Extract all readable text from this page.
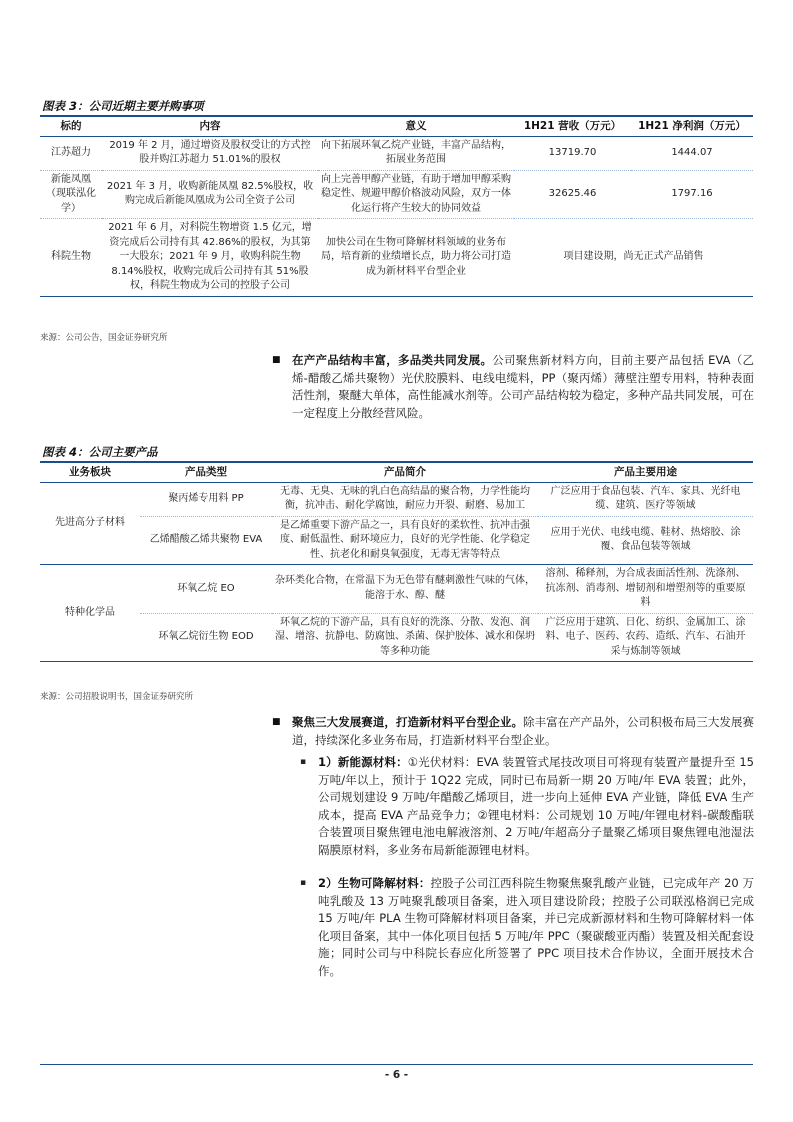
图表 3：公司近期主要并购事项
标的	内容	意义	1H21 营收（万元）	1H21 净利润（万元）
江苏超力	2019 年 2 月，通过增资及股权受让的方式控股并购江苏超力 51.01%的股权	向下拓展环氧乙烷产业链，丰富产品结构，拓展业务范围	13719.70	1444.07
新能凤凰（现联泓化学）	2021 年 3 月，收购新能凤凰 82.5%股权，收购完成后新能凤凰成为公司全资子公司	向上完善甲醇产业链，有助于增加甲醇采购稳定性、规避甲醇价格波动风险，双方一体化运行将产生较大的协同效益	32625.46	1797.16
科院生物	2021 年 6 月，对科院生物增资 1.5 亿元，增资完成后公司持有其 42.86%的股权，为其第一大股东；2021 年 9 月，收购科院生物 8.14%股权，收购完成后公司持有其 51%股权，科院生物成为公司的控股子公司	加快公司在生物可降解材料领域的业务布局，培育新的业绩增长点，助力将公司打造成为新材料平台型企业	项目建设期，尚无正式产品销售	
来源：公司公告，国金证券研究所
■ 在产产品结构丰富，多品类共同发展。公司聚焦新材料方向，目前主要产品包括 EVA（乙烯-醋酸乙烯共聚物）光伏胶膜料、电线电缆料，PP（聚丙烯）薄壁注塑专用料，特种表面活性剂，聚醚大单体，高性能减水剂等。公司产品结构较为稳定，多种产品共同发展，可在一定程度上分散经营风险。
图表 4：公司主要产品
业务板块	产品类型	产品简介	产品主要用途
先进高分子材料	聚丙烯专用料 PP	无毒、无臭、无味的乳白色高结晶的聚合物，力学性能均衡，抗冲击、耐化学腐蚀，耐应力开裂、耐磨、易加工	广泛应用于食品包装、汽车、家具、光纤电缆、建筑、医疗等领域
	乙烯醋酸乙烯共聚物 EVA	是乙烯重要下游产品之一，具有良好的柔软性、抗冲击强度、耐低温性、耐环境应力，良好的光学性能、化学稳定性、抗老化和耐臭氧强度，无毒无害等特点	应用于光伏、电线电缆、鞋材、热熔胶、涂覆、食品包装等领域
特种化学品	环氧乙烷 EO	杂环类化合物，在常温下为无色带有醚刺激性气味的气体，能溶于水、醇、醚	溶剂、稀释剂，为合成表面活性剂、洗涤剂、抗冻剂、消毒剂、增韧剂和增塑剂等的重要原料
	环氧乙烷衍生物 EOD	环氧乙烷的下游产品，具有良好的洗涤、分散、发泡、润湿、增溶、抗静电、防腐蚀、杀菌、保护胶体、减水和保坍等多种功能	广泛应用于建筑、日化、纺织、金属加工、涂料、电子、医药、农药、造纸、汽车、石油开采与炼制等领域
来源：公司招股说明书，国金证券研究所
■ 聚焦三大发展赛道，打造新材料平台型企业。除丰富在产产品外，公司积极布局三大发展赛道，持续深化多业务布局，打造新材料平台型企业。
▪ 1）新能源材料：①光伏材料：EVA 装置管式尾技改项目可将现有装置产量提升至 15 万吨/年以上，预计于 1Q22 完成，同时已布局新一期 20 万吨/年 EVA 装置；此外，公司规划建设 9 万吨/年醋酸乙烯项目，进一步向上延伸 EVA 产业链，降低 EVA 生产成本，提高 EVA 产品竞争力；②锂电材料：公司规划 10 万吨/年锂电材料-碳酸酯联合装置项目聚焦锂电池电解液溶剂、2 万吨/年超高分子量聚乙烯项目聚焦锂电池湿法隔膜原材料，多业务布局新能源锂电材料。
▪ 2）生物可降解材料：控股子公司江西科院生物聚焦聚乳酸产业链，已完成年产 20 万吨乳酸及 13 万吨聚乳酸项目备案，进入项目建设阶段；控股子公司联泓格润已完成 15 万吨/年 PLA 生物可降解材料项目备案，并已完成新源材料和生物可降解材料一体化项目备案，其中一体化项目包括 5 万吨/年 PPC（聚碳酸亚丙酯）装置及相关配套设施；同时公司与中科院长春应化所签署了 PPC 项目技术合作协议，全面开展技术合作。
- 6 -
